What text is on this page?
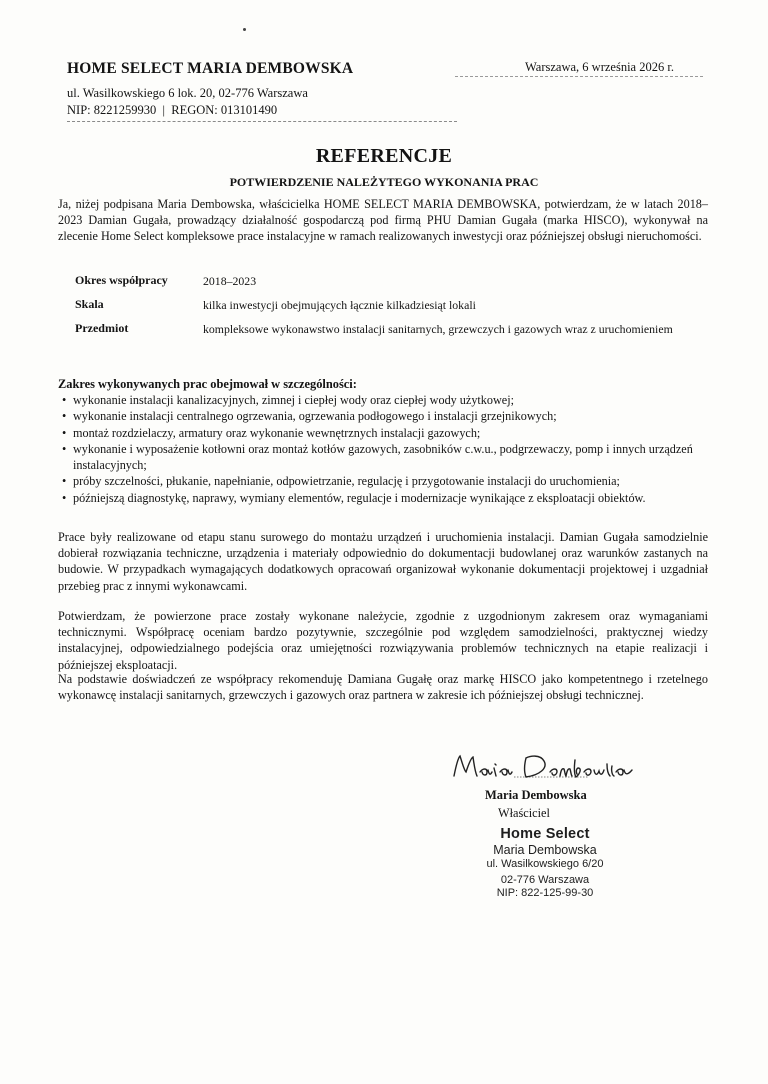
HOME SELECT MARIA DEMBOWSKA
ul. Wasilkowskiego 6 lok. 20, 02-776 Warszawa
NIP: 8221259930  |  REGON: 013101490
Warszawa, 6 września 2026 r.
REFERENCJE
POTWIERDZENIE NALEŻYTEGO WYKONANIA PRAC
Ja, niżej podpisana Maria Dembowska, właścicielka HOME SELECT MARIA DEMBOWSKA, potwierdzam, że w latach 2018–2023 Damian Gugała, prowadzący działalność gospodarczą pod firmą PHU Damian Gugała (marka HISCO), wykonywał na zlecenie Home Select kompleksowe prace instalacyjne w ramach realizowanych inwestycji oraz późniejszej obsługi nieruchomości.
Okres współpracy	2018–2023
Skala	kilka inwestycji obejmujących łącznie kilkadziesiąt lokali
Przedmiot	kompleksowe wykonawstwo instalacji sanitarnych, grzewczych i gazowych wraz z uruchomieniem
Zakres wykonywanych prac obejmował w szczególności:
• wykonanie instalacji kanalizacyjnych, zimnej i ciepłej wody oraz ciepłej wody użytkowej;
• wykonanie instalacji centralnego ogrzewania, ogrzewania podłogowego i instalacji grzejnikowych;
• montaż rozdzielaczy, armatury oraz wykonanie wewnętrznych instalacji gazowych;
• wykonanie i wyposażenie kotłowni oraz montaż kotłów gazowych, zasobników c.w.u., podgrzewaczy, pomp i innych urządzeń instalacyjnych;
• próby szczelności, płukanie, napełnianie, odpowietrzanie, regulację i przygotowanie instalacji do uruchomienia;
• późniejszą diagnostykę, naprawy, wymiany elementów, regulacje i modernizacje wynikające z eksploatacji obiektów.
Prace były realizowane od etapu stanu surowego do montażu urządzeń i uruchomienia instalacji. Damian Gugała samodzielnie dobierał rozwiązania techniczne, urządzenia i materiały odpowiednio do dokumentacji budowlanej oraz warunków zastanych na budowie. W przypadkach wymagających dodatkowych opracowań organizował wykonanie dokumentacji projektowej i uzgadniał przebieg prac z innymi wykonawcami.
Potwierdzam, że powierzone prace zostały wykonane należycie, zgodnie z uzgodnionym zakresem oraz wymaganiami technicznymi. Współpracę oceniam bardzo pozytywnie, szczególnie pod względem samodzielności, praktycznej wiedzy instalacyjnej, odpowiedzialnego podejścia oraz umiejętności rozwiązywania problemów technicznych na etapie realizacji i późniejszej eksploatacji.
Na podstawie doświadczeń ze współpracy rekomenduję Damiana Gugałę oraz markę HISCO jako kompetentnego i rzetelnego wykonawcę instalacji sanitarnych, grzewczych i gazowych oraz partnera w zakresie ich późniejszej obsługi technicznej.
Maria Dembowska
Właściciel
Home Select
Maria Dembowska
ul. Wasilkowskiego 6/20
02-776 Warszawa
NIP: 822-125-99-30
